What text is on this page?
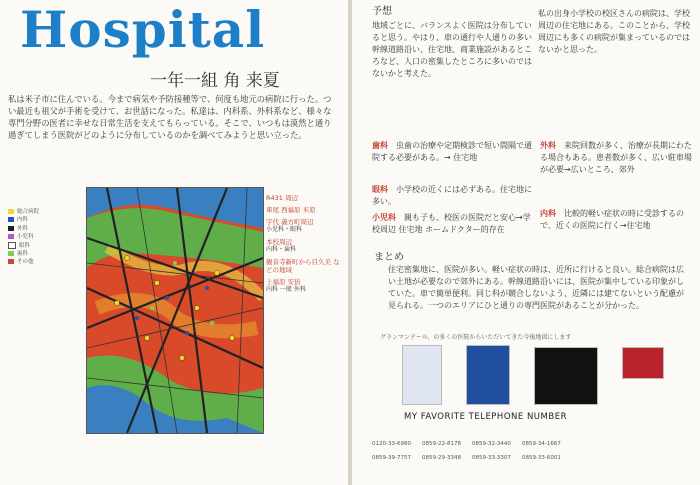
Hospital
一年一組 角 来夏
私は米子市に住んでいる。今まで病気や予防接種等で、何度も地元の病院に行った。つい最近も祖父が手術を受けて、お世話になった。私達は、内科系、外科系など、様々な専門分野の医者に幸せな日常生活を支えてもらっている。そこで、いつもは漠然と通り過ぎてしまう医院がどのように分布しているのかを調べてみようと思い立った。
総合病院
内科
外科
小児科
眼科
歯科
その他
R431 周辺
車尾 西福原 米原
宇代 義方町周辺
小児科・眼科
本校周辺
内科・歯科
観音寺新町から目久美 などの地域
上福原 安倍
内科 一般 外科
予想
地域ごとに、バランスよく医院は分布していると思う。やはり、車の通行や人通りの多い幹線道路沿い、住宅地、商業施設があるところなど、人口の密集したところに多いのではないかと考えた。
私の出身小学校の校区さんの病院は、学校周辺の住宅地にある。このことから、学校周辺にも多くの病院が集まっているのではないかと思った。
歯科　 虫歯の治療や定期検診で短い間隔で通院する必要がある。→ 住宅地
眼科　 小学校の近くには必ずある。住宅地に多い。
小児科　 親も子も、校医の医院だと安心→学校周辺 住宅地 ホームドクター的存在
外科　 来院回数が多く、治療が長期にわたる場合もある。患者数が多く、広い駐車場が必要→広いところ、郊外
内科　 比較的軽い症状の時に受診するので、近くの医院に行く→住宅地
まとめ
住宅密集地に、医院が多い。軽い症状の時は、近所に行けると良い。総合病院は広い土地が必要なので郊外にある。幹線道路沿いには、医院が集中している印象がしていた。車で簡単便利。同じ科が競合しないよう、近隣には建てないという配慮が見られる。一つのエリアにひと通りの専門医院があることが分かった。
グランマンテール、の多くの医院からいただいてきた今後地図にします
MY FAVORITE TELEPHONE NUMBER
0120-33-6980　　 0859-22-8178　　 0859-32-3440　　 0859-34-1667
0859-39-7757　　 0859-29-3348　　 0859-33-3307　　 0859-33-6001
